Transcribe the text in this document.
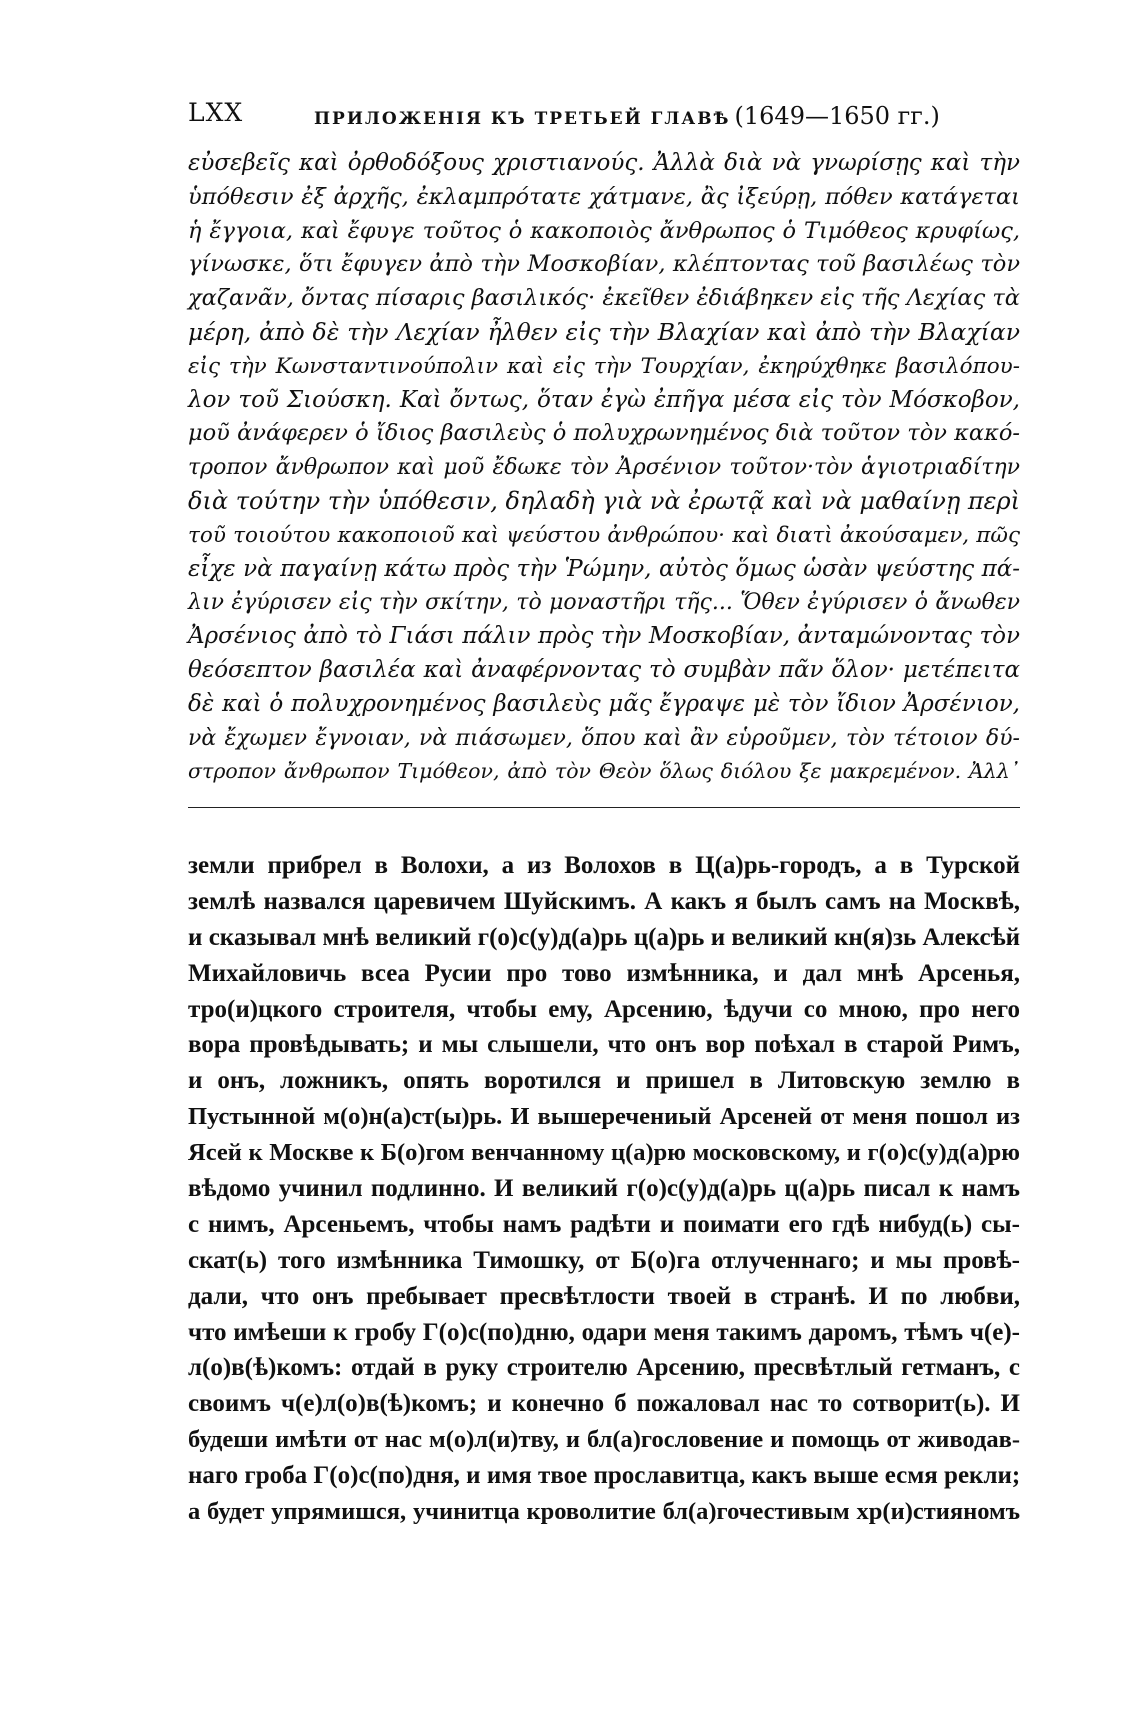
LXX	ПРИЛОЖЕНІЯ КЪ ТРЕТЬЕЙ ГЛАВѢ (1649—1650 гг.)
εὐσεβεῖς καὶ ὀρθοδόξους χριστιανούς. Ἀλλὰ διὰ νὰ γνωρίσῃς καὶ τὴν
ὑπόθεσιν ἐξ ἀρχῆς, ἐκλαμπρότατε χάτμανε, ἂς ἰξεύρῃ, πόθεν κατάγεται
ἡ ἔγγοια, καὶ ἔφυγε τοῦτος ὁ κακοποιὸς ἄνθρωπος ὁ Τιμόθεος κρυφίως,
γίνωσκε, ὅτι ἔφυγεν ἀπὸ τὴν Μοσκοβίαν, κλέπτοντας τοῦ βασιλέως τὸν
χαζανᾶν, ὄντας πίσαρις βασιλικός· ἐκεῖθεν ἐδιάβηκεν εἰς τῆς Λεχίας τὰ
μέρη, ἀπὸ δὲ τὴν Λεχίαν ἦλθεν εἰς τὴν Βλαχίαν καὶ ἀπὸ τὴν Βλαχίαν
εἰς τὴν Κωνσταντινούπολιν καὶ εἰς τὴν Τουρχίαν, ἐκηρύχθηκε βασιλόπου-
λον τοῦ Σιούσκη. Καὶ ὄντως, ὅταν ἐγὼ ἐπῆγα μέσα εἰς τὸν Μόσκοβον,
μοῦ ἀνάφερεν ὁ ἴδιος βασιλεὺς ὁ πολυχρωνημένος διὰ τοῦτον τὸν κακό-
τροπον ἄνθρωπον καὶ μοῦ ἔδωκε τὸν Ἀρσένιον τοῦτον·τὸν ἁγιοτριαδίτην
διὰ τούτην τὴν ὑπόθεσιν, δηλαδὴ γιὰ νὰ ἐρωτᾷ καὶ νὰ μαθαίνῃ περὶ
τοῦ τοιούτου κακοποιοῦ καὶ ψεύστου ἀνθρώπου· καὶ διατὶ ἀκούσαμεν, πῶς
εἶχε νὰ παγαίνῃ κάτω πρὸς τὴν Ῥώμην, αὐτὸς ὅμως ὡσὰν ψεύστης πά-
λιν ἐγύρισεν εἰς τὴν σκίτην, τὸ μοναστῆρι τῆς... Ὅθεν ἐγύρισεν ὁ ἄνωθεν
Ἀρσένιος ἀπὸ τὸ Γιάσι πάλιν πρὸς τὴν Μοσκοβίαν, ἀνταμώνοντας τὸν
θεόσεπτον βασιλέα καὶ ἀναφέρνοντας τὸ συμβὰν πᾶν ὅλον· μετέπειτα
δὲ καὶ ὁ πολυχρονημένος βασιλεὺς μᾶς ἔγραψε μὲ τὸν ἴδιον Ἀρσένιον,
νὰ ἔχωμεν ἔγνοιαν, νὰ πιάσωμεν, ὅπου καὶ ἂν εὑροῦμεν, τὸν τέτοιον δύ-
στροπον ἄνθρωπον Τιμόθεον, ἀπὸ τὸν Θεὸν ὅλως διόλου ξε μακρεμένον. Ἀλλ᾽
земли прибрел в Волохи, а из Волохов в Ц(а)рь-городъ, а в Турской
землѣ назвался царевичем Шуйскимъ. А какъ я былъ самъ на Москвѣ,
и сказывал мнѣ великий г(о)с(у)д(а)рь ц(а)рь и великий кн(я)зь Алексѣй
Михайловичь всеа Русии про тово измѣнника, и дал мнѣ Арсенья,
тро(и)цкого строителя, чтобы ему, Арсению, ѣдучи со мною, про него
вора провѣдывать; и мы слышели, что онъ вор поѣхал в старой Римъ,
и онъ, ложникъ, опять воротился и пришел в Литовскую землю в
Пустынной м(о)н(а)ст(ы)рь. И вышеречениый Арсеней от меня пошол из
Ясей к Москве к Б(о)гом венчанному ц(а)рю московскому, и г(о)с(у)д(а)рю
вѣдомо учинил подлинно. И великий г(о)с(у)д(а)рь ц(а)рь писал к намъ
с нимъ, Арсеньемъ, чтобы намъ радѣти и поимати его гдѣ нибуд(ь) сы-
скат(ь) того измѣнника Тимошку, от Б(о)га отлученнаго; и мы провѣ-
дали, что онъ пребывает пресвѣтлости твоей в странѣ. И по любви,
что имѣеши к гробу Г(о)с(по)дню, одари меня такимъ даромъ, тѣмъ ч(е)-
л(о)в(ѣ)комъ: отдай в руку строителю Арсению, пресвѣтлый гетманъ, с
своимъ ч(е)л(о)в(ѣ)комъ; и конечно б пожаловал нас то сотворит(ь). И
будеши имѣти от нас м(о)л(и)тву, и бл(а)гословение и помощь от живодав-
наго гроба Г(о)с(по)дня, и имя твое прославитца, какъ выше есмя рекли;
а будет упрямишся, учинитца кроволитие бл(а)гочестивым хр(и)стияномъ
